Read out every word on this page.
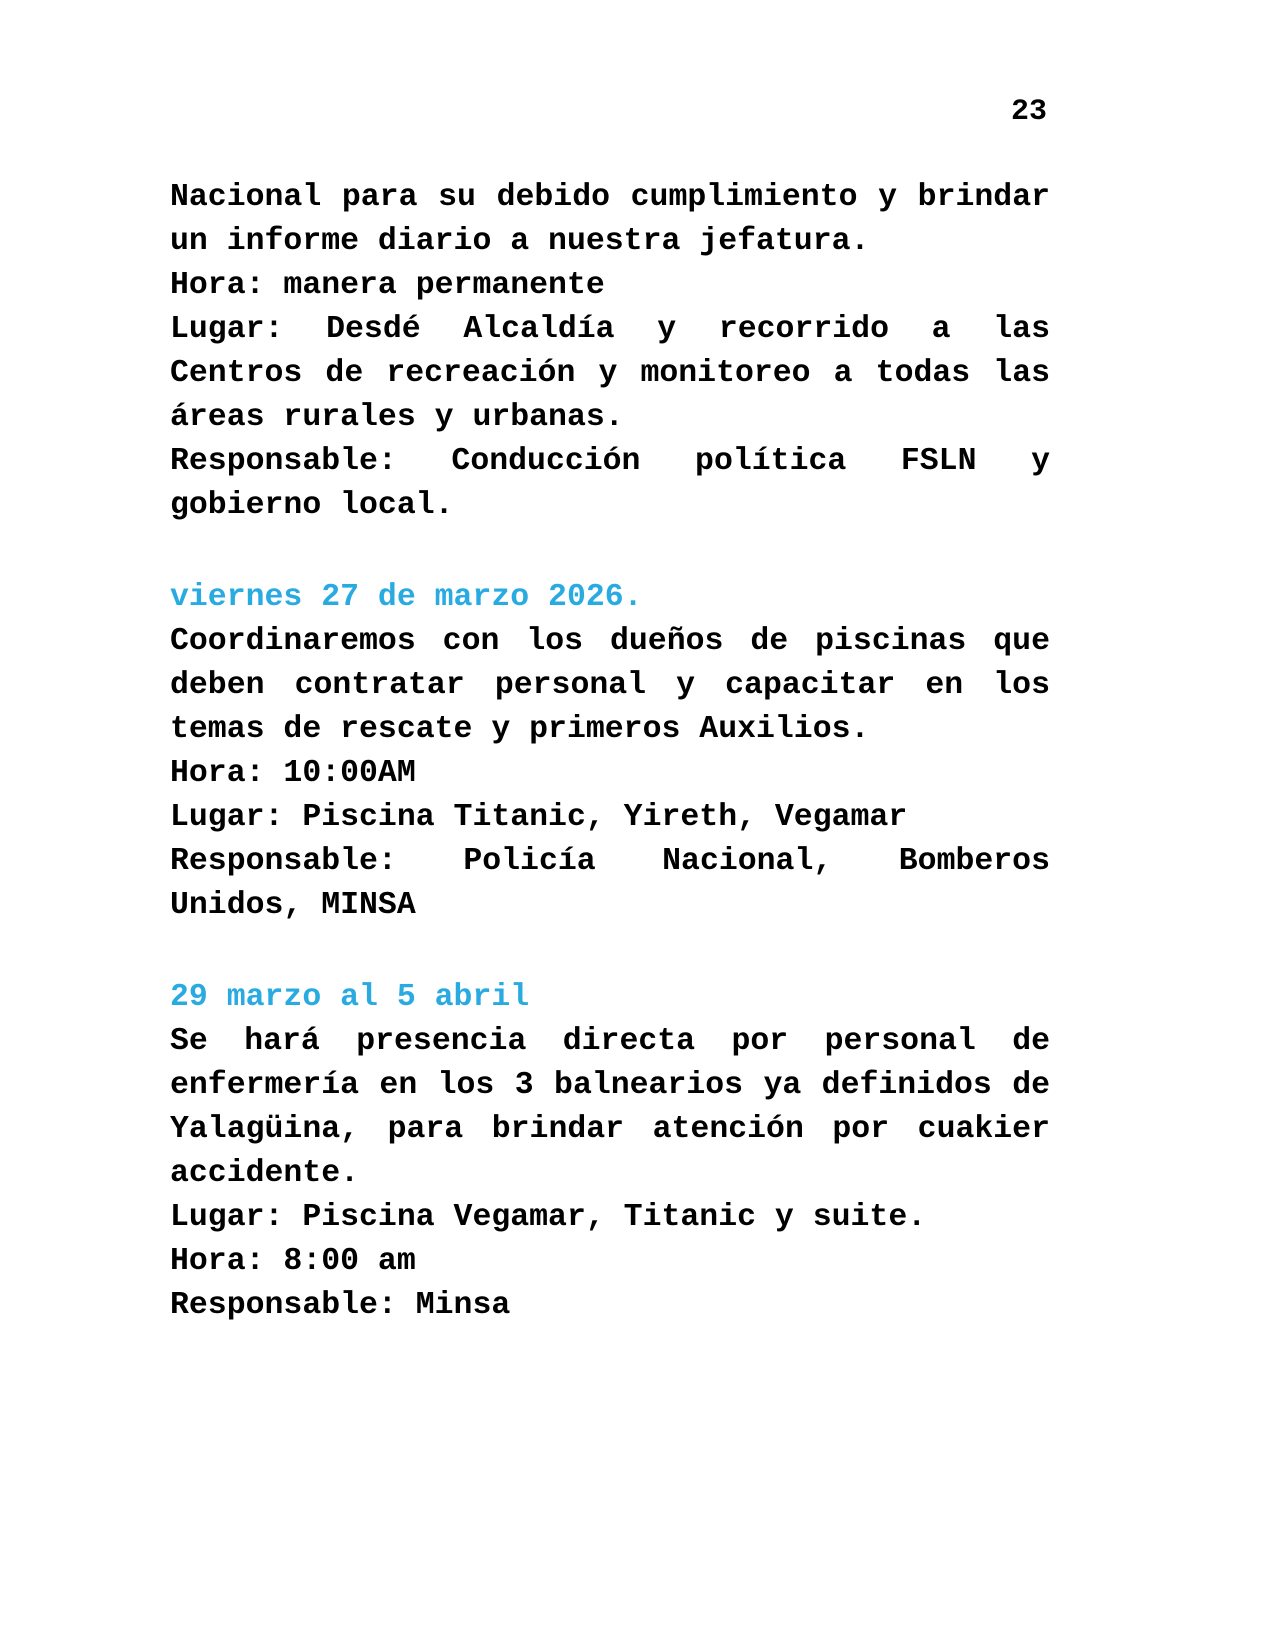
23

Nacional para su debido cumplimiento y brindar un informe diario a nuestra jefatura.

Hora: manera permanente

Lugar: Desdé Alcaldía y recorrido a las Centros de recreación y monitoreo a todas las áreas rurales y urbanas.

Responsable: Conducción política FSLN y gobierno local.

viernes 27 de marzo 2026.

Coordinaremos con los dueños de piscinas que deben contratar personal y capacitar en los temas de rescate y primeros Auxilios.

Hora: 10:00AM

Lugar: Piscina Titanic, Yireth, Vegamar

Responsable: Policía Nacional, Bomberos Unidos, MINSA

29 marzo al 5 abril

Se hará presencia directa por personal de enfermería en los 3 balnearios ya definidos de Yalagüina, para brindar atención por cuakier accidente.

Lugar: Piscina Vegamar, Titanic y suite.

Hora: 8:00 am

Responsable: Minsa
